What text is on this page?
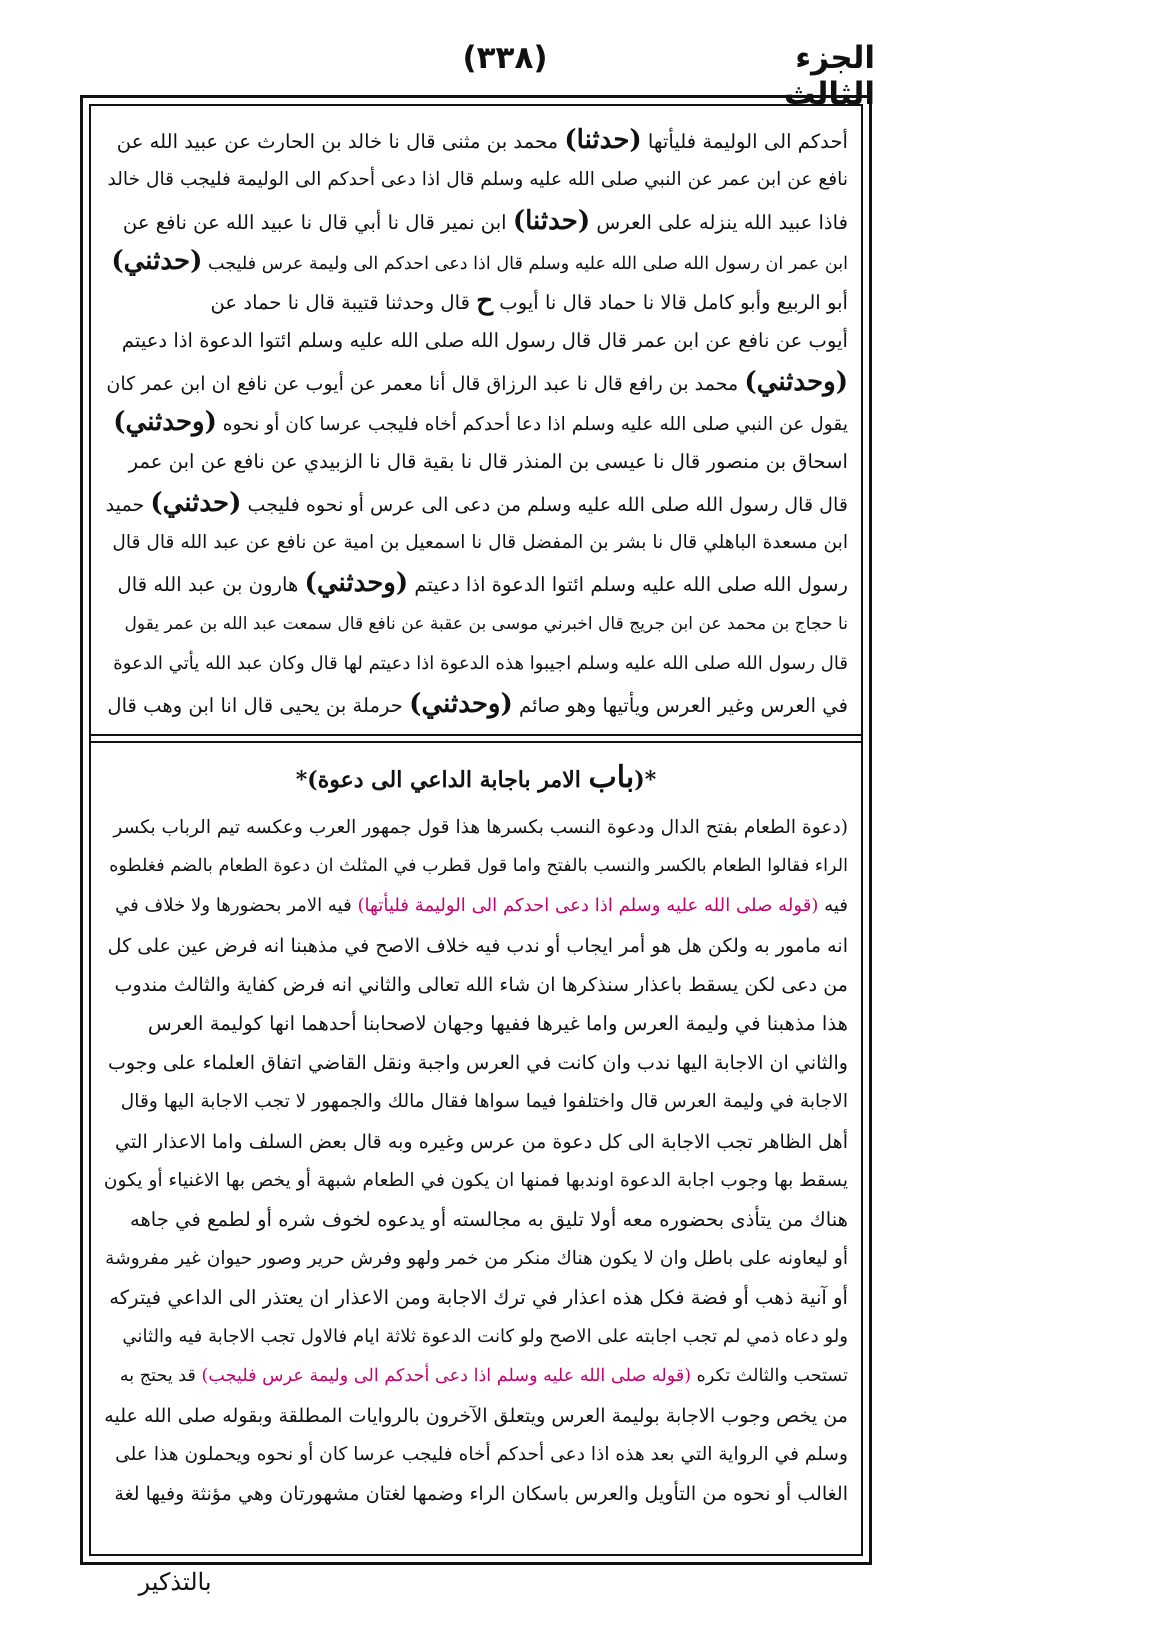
الجزء الثالث
(٣٣٨)
أحدكم الى الوليمة فليأتها (حدثنا) محمد بن مثنى قال نا خالد بن الحارث عن عبيد الله عن
نافع عن ابن عمر عن النبي صلى الله عليه وسلم قال اذا دعى أحدكم الى الوليمة فليجب قال خالد
فاذا عبيد الله ينزله على العرس (حدثنا) ابن نمير قال نا أبي قال نا عبيد الله عن نافع عن
ابن عمر ان رسول الله صلى الله عليه وسلم قال اذا دعى احدكم الى وليمة عرس فليجب (حدثني)
أبو الربيع وأبو كامل قالا نا حماد قال نا أيوب ح قال وحدثنا قتيبة قال نا حماد عن
أيوب عن نافع عن ابن عمر قال قال رسول الله صلى الله عليه وسلم ائتوا الدعوة اذا دعيتم
(وحدثني) محمد بن رافع قال نا عبد الرزاق قال أنا معمر عن أيوب عن نافع ان ابن عمر كان
يقول عن النبي صلى الله عليه وسلم اذا دعا أحدكم أخاه فليجب عرسا كان أو نحوه (وحدثني)
اسحاق بن منصور قال نا عيسى بن المنذر قال نا بقية قال نا الزبيدي عن نافع عن ابن عمر
قال قال رسول الله صلى الله عليه وسلم من دعى الى عرس أو نحوه فليجب (حدثني) حميد
ابن مسعدة الباهلي قال نا بشر بن المفضل قال نا اسمعيل بن امية عن نافع عن عبد الله قال قال
رسول الله صلى الله عليه وسلم ائتوا الدعوة اذا دعيتم (وحدثني) هارون بن عبد الله قال
نا حجاج بن محمد عن ابن جريج قال اخبرني موسى بن عقبة عن نافع قال سمعت عبد الله بن عمر يقول
قال رسول الله صلى الله عليه وسلم اجيبوا هذه الدعوة اذا دعيتم لها قال وكان عبد الله يأتي الدعوة
في العرس وغير العرس ويأتيها وهو صائم (وحدثني) حرملة بن يحيى قال انا ابن وهب قال
*(باب الامر باجابة الداعي الى دعوة)*
(دعوة الطعام بفتح الدال ودعوة النسب بكسرها هذا قول جمهور العرب وعكسه تيم الرباب بكسر
الراء فقالوا الطعام بالكسر والنسب بالفتح واما قول قطرب في المثلث ان دعوة الطعام بالضم فغلطوه
فيه (قوله صلى الله عليه وسلم اذا دعى احدكم الى الوليمة فليأتها) فيه الامر بحضورها ولا خلاف في
انه مامور به ولكن هل هو أمر ايجاب أو ندب فيه خلاف الاصح في مذهبنا انه فرض عين على كل
من دعى لكن يسقط باعذار سنذكرها ان شاء الله تعالى والثاني انه فرض كفاية والثالث مندوب
هذا مذهبنا في وليمة العرس واما غيرها ففيها وجهان لاصحابنا أحدهما انها كوليمة العرس
والثاني ان الاجابة اليها ندب وان كانت في العرس واجبة ونقل القاضي اتفاق العلماء على وجوب
الاجابة في وليمة العرس قال واختلفوا فيما سواها فقال مالك والجمهور لا تجب الاجابة اليها وقال
أهل الظاهر تجب الاجابة الى كل دعوة من عرس وغيره وبه قال بعض السلف واما الاعذار التي
يسقط بها وجوب اجابة الدعوة اوندبها فمنها ان يكون في الطعام شبهة أو يخص بها الاغنياء أو يكون
هناك من يتأذى بحضوره معه أولا تليق به مجالسته أو يدعوه لخوف شره أو لطمع في جاهه
أو ليعاونه على باطل وان لا يكون هناك منكر من خمر ولهو وفرش حرير وصور حيوان غير مفروشة
أو آنية ذهب أو فضة فكل هذه اعذار في ترك الاجابة ومن الاعذار ان يعتذر الى الداعي فيتركه
ولو دعاه ذمي لم تجب اجابته على الاصح ولو كانت الدعوة ثلاثة ايام فالاول تجب الاجابة فيه والثاني
تستحب والثالث تكره (قوله صلى الله عليه وسلم اذا دعى أحدكم الى وليمة عرس فليجب) قد يحتج به
من يخص وجوب الاجابة بوليمة العرس ويتعلق الآخرون بالروايات المطلقة وبقوله صلى الله عليه
وسلم في الرواية التي بعد هذه اذا دعى أحدكم أخاه فليجب عرسا كان أو نحوه ويحملون هذا على
الغالب أو نحوه من التأويل والعرس باسكان الراء وضمها لغتان مشهورتان وهي مؤنثة وفيها لغة
بالتذكير
